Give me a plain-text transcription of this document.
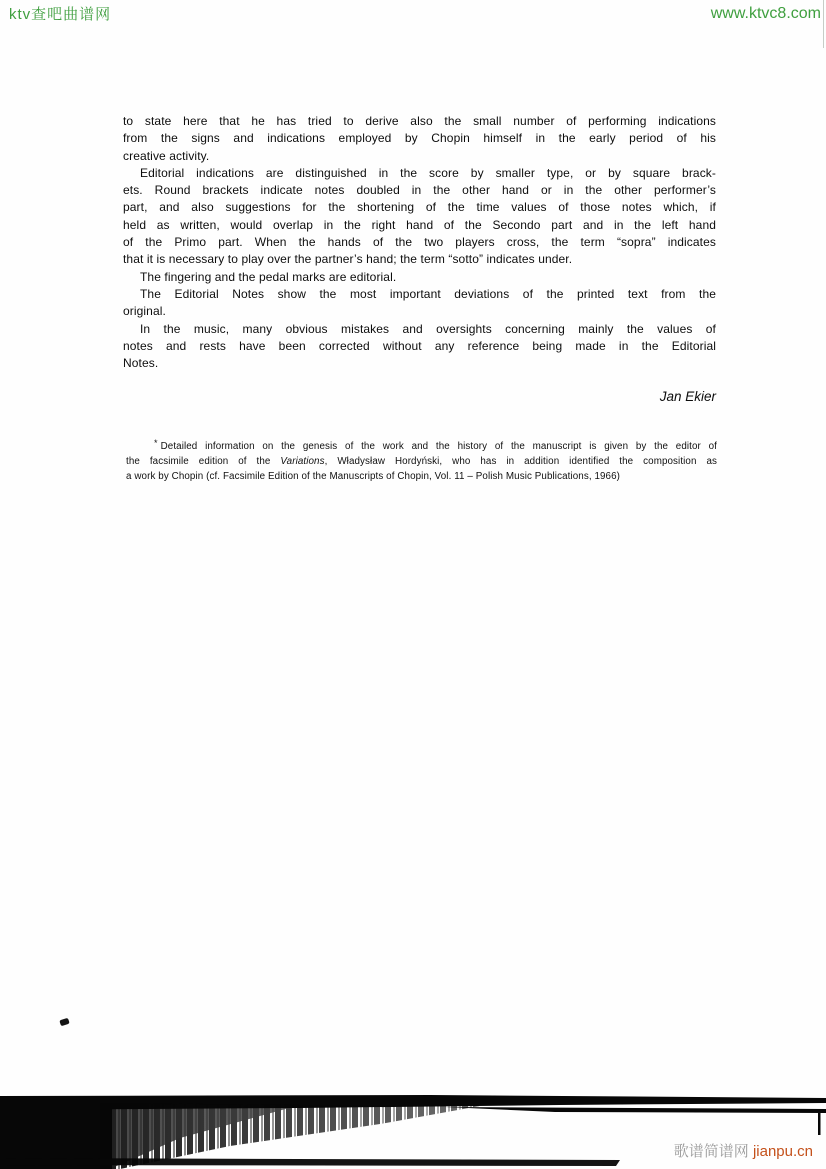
ktv查吧曲谱网	www.ktvc8.com
to state here that he has tried to derive also the small number of performing indications
from the signs and indications employed by Chopin himself in the early period of his
creative activity.
Editorial indications are distinguished in the score by smaller type, or by square brack-
ets. Round brackets indicate notes doubled in the other hand or in the other performer’s
part, and also suggestions for the shortening of the time values of those notes which, if
held as written, would overlap in the right hand of the Secondo part and in the left hand
of the Primo part. When the hands of the two players cross, the term “sopra” indicates
that it is necessary to play over the partner’s hand; the term “sotto” indicates under.
The fingering and the pedal marks are editorial.
The Editorial Notes show the most important deviations of the printed text from the
original.
In the music, many obvious mistakes and oversights concerning mainly the values of
notes and rests have been corrected without any reference being made in the Editorial
Notes.
Jan Ekier
* Detailed information on the genesis of the work and the history of the manuscript is given by the editor of
the facsimile edition of the Variations, Władysław Hordyński, who has in addition identified the composition as
a work by Chopin (cf. Facsimile Edition of the Manuscripts of Chopin, Vol. 11 – Polish Music Publications, 1966)
歌谱简谱网 jianpu.cn
